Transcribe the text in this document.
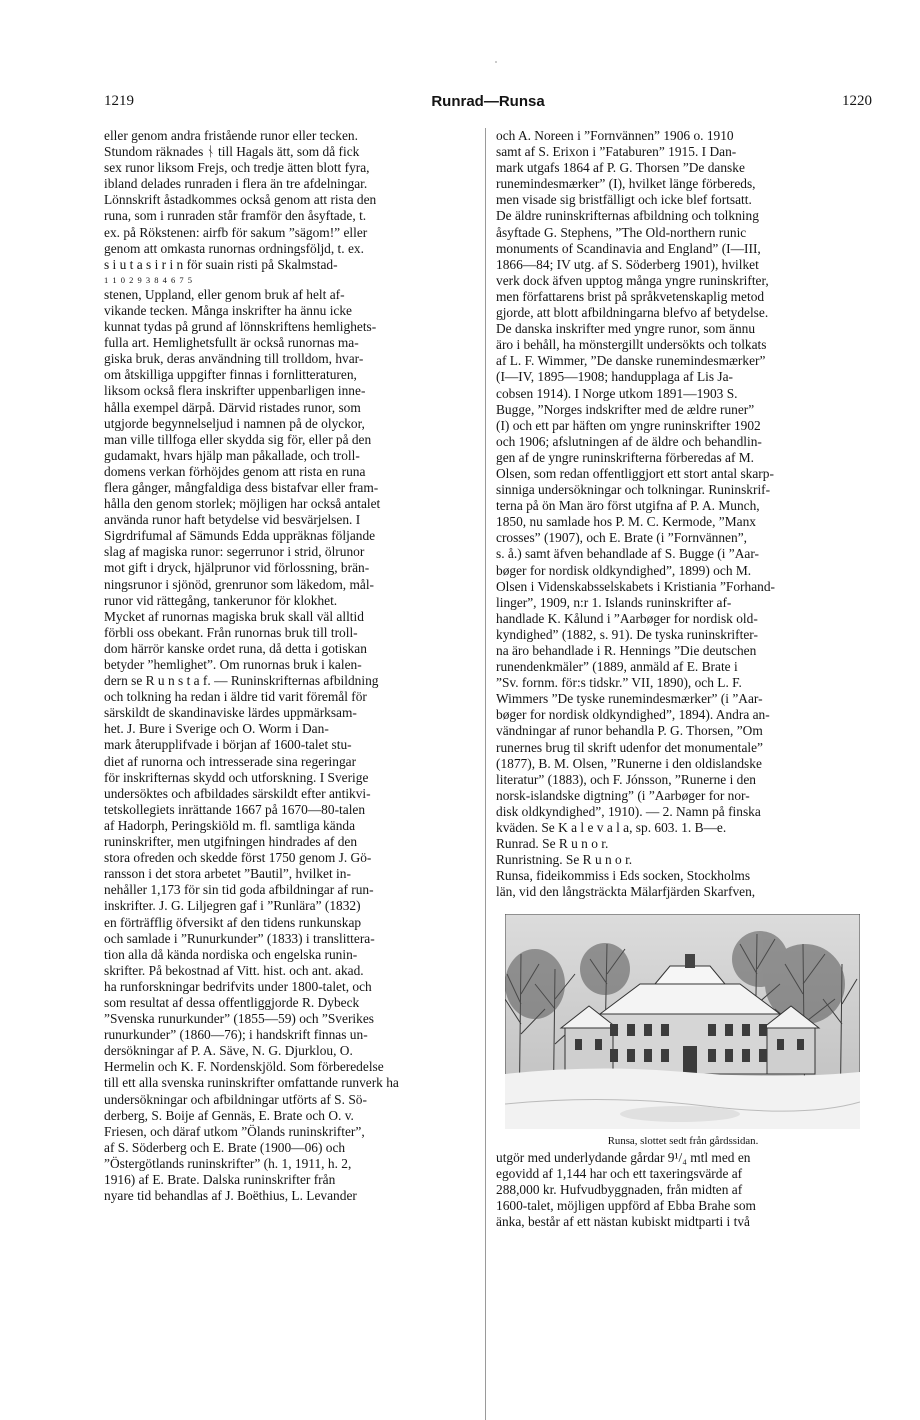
1219	Runrad—Runsa	1220
eller genom andra fristående runor eller tecken.
Stundom räknades ᚾ till Hagals ätt, som då fick
sex runor liksom Frejs, och tredje ätten blott fyra,
ibland delades runraden i flera än tre afdelningar.
Lönnskrift åstadkommes också genom att rista den
runa, som i runraden står framför den åsyftade, t.
ex. på Rökstenen: airfb för sakum ”sägom!” eller
genom att omkasta runornas ordningsföljd, t. ex.
s i u t a s i r i n för suain risti på Skalmstad-
1 1 0 2 9 3 8 4 6 7 5
stenen, Uppland, eller genom bruk af helt af-
vikande tecken. Många inskrifter ha ännu icke
kunnat tydas på grund af lönnskriftens hemlighets-
fulla art. Hemlighetsfullt är också runornas ma-
giska bruk, deras användning till trolldom, hvar-
om åtskilliga uppgifter finnas i fornlitteraturen,
liksom också flera inskrifter uppenbarligen inne-
hålla exempel därpå. Därvid ristades runor, som
utgjorde begynnelseljud i namnen på de olyckor,
man ville tillfoga eller skydda sig för, eller på den
gudamakt, hvars hjälp man påkallade, och troll-
domens verkan förhöjdes genom att rista en runa
flera gånger, mångfaldiga dess bistafvar eller fram-
hålla den genom storlek; möjligen har också antalet
använda runor haft betydelse vid besvärjelsen. I
Sigrdrifumal af Sämunds Edda uppräknas följande
slag af magiska runor: segerrunor i strid, ölrunor
mot gift i dryck, hjälprunor vid förlossning, brän-
ningsrunor i sjönöd, grenrunor som läkedom, mål-
runor vid rättegång, tankerunor för klokhet.
Mycket af runornas magiska bruk skall väl alltid
förbli oss obekant. Från runornas bruk till troll-
dom härrör kanske ordet runa, då detta i gotiskan
betyder ”hemlighet”. Om runornas bruk i kalen-
dern se R u n s t a f. — Runinskrifternas afbildning
och tolkning ha redan i äldre tid varit föremål för
särskildt de skandinaviske lärdes uppmärksam-
het. J. Bure i Sverige och O. Worm i Dan-
mark återupplifvade i början af 1600-talet stu-
diet af runorna och intresserade sina regeringar
för inskrifternas skydd och utforskning. I Sverige
undersöktes och afbildades särskildt efter antikvi-
tetskollegiets inrättande 1667 på 1670—80-talen
af Hadorph, Peringskiöld m. fl. samtliga kända
runinskrifter, men utgifningen hindrades af den
stora ofreden och skedde först 1750 genom J. Gö-
ransson i det stora arbetet ”Bautil”, hvilket in-
nehåller 1,173 för sin tid goda afbildningar af run-
inskrifter. J. G. Liljegren gaf i ”Runlära” (1832)
en förträfflig öfversikt af den tidens runkunskap
och samlade i ”Runurkunder” (1833) i translittera-
tion alla då kända nordiska och engelska runin-
skrifter. På bekostnad af Vitt. hist. och ant. akad.
ha runforskningar bedrifvits under 1800-talet, och
som resultat af dessa offentliggjorde R. Dybeck
”Svenska runurkunder” (1855—59) och ”Sverikes
runurkunder” (1860—76); i handskrift finnas un-
dersökningar af P. A. Säve, N. G. Djurklou, O.
Hermelin och K. F. Nordenskjöld. Som förberedelse
till ett alla svenska runinskrifter omfattande runverk ha
undersökningar och afbildningar utförts af S. Sö-
derberg, S. Boije af Gennäs, E. Brate och O. v.
Friesen, och däraf utkom ”Ölands runinskrifter”,
af S. Söderberg och E. Brate (1900—06) och
”Östergötlands runinskrifter” (h. 1, 1911, h. 2,
1916) af E. Brate. Dalska runinskrifter från
nyare tid behandlas af J. Boëthius, L. Levander
och A. Noreen i ”Fornvännen” 1906 o. 1910
samt af S. Erixon i ”Fataburen” 1915. I Dan-
mark utgafs 1864 af P. G. Thorsen ”De danske
runemindesmærker” (I), hvilket länge förbereds,
men visade sig bristfälligt och icke blef fortsatt.
De äldre runinskrifternas afbildning och tolkning
åsyftade G. Stephens, ”The Old-northern runic
monuments of Scandinavia and England” (I—III,
1866—84; IV utg. af S. Söderberg 1901), hvilket
verk dock äfven upptog många yngre runinskrifter,
men författarens brist på språkvetenskaplig metod
gjorde, att blott afbildningarna blefvo af betydelse.
De danska inskrifter med yngre runor, som ännu
äro i behåll, ha mönstergillt undersökts och tolkats
af L. F. Wimmer, ”De danske runemindesmærker”
(I—IV, 1895—1908; handupplaga af Lis Ja-
cobsen 1914). I Norge utkom 1891—1903 S.
Bugge, ”Norges indskrifter med de ældre runer”
(I) och ett par häften om yngre runinskrifter 1902
och 1906; afslutningen af de äldre och behandlin-
gen af de yngre runinskrifterna förberedas af M.
Olsen, som redan offentliggjort ett stort antal skarp-
sinniga undersökningar och tolkningar. Runinskrif-
terna på ön Man äro först utgifna af P. A. Munch,
1850, nu samlade hos P. M. C. Kermode, ”Manx
crosses” (1907), och E. Brate (i ”Fornvännen”,
s. å.) samt äfven behandlade af S. Bugge (i ”Aar-
bøger for nordisk oldkyndighed”, 1899) och M.
Olsen i Videnskabsselskabets i Kristiania ”Forhand-
linger”, 1909, n:r 1. Islands runinskrifter af-
handlade K. Kålund i ”Aarbøger for nordisk old-
kyndighed” (1882, s. 91). De tyska runinskrifter-
na äro behandlade i R. Hennings ”Die deutschen
runendenkmäler” (1889, anmäld af E. Brate i
”Sv. fornm. för:s tidskr.” VII, 1890), och L. F.
Wimmers ”De tyske runemindesmærker” (i ”Aar-
bøger for nordisk oldkyndighed”, 1894). Andra an-
vändningar af runor behandla P. G. Thorsen, ”Om
runernes brug til skrift udenfor det monumentale”
(1877), B. M. Olsen, ”Runerne i den oldislandske
literatur” (1883), och F. Jónsson, ”Runerne i den
norsk-islandske digtning” (i ”Aarbøger for nor-
disk oldkyndighed”, 1910). — 2. Namn på finska
kväden. Se K a l e v a l a, sp. 603. 1. B—e.
Runrad. Se R u n o r.
Runristning. Se R u n o r.
Runsa, fideikommiss i Eds socken, Stockholms
län, vid den långsträckta Mälarfjärden Skarfven,
Runsa, slottet sedt från gårdssidan.
utgör med underlydande gårdar 9¹/₄ mtl med en
egovidd af 1,144 har och ett taxeringsvärde af
288,000 kr. Hufvudbyggnaden, från midten af
1600-talet, möjligen uppförd af Ebba Brahe som
änka, består af ett nästan kubiskt midtparti i två
